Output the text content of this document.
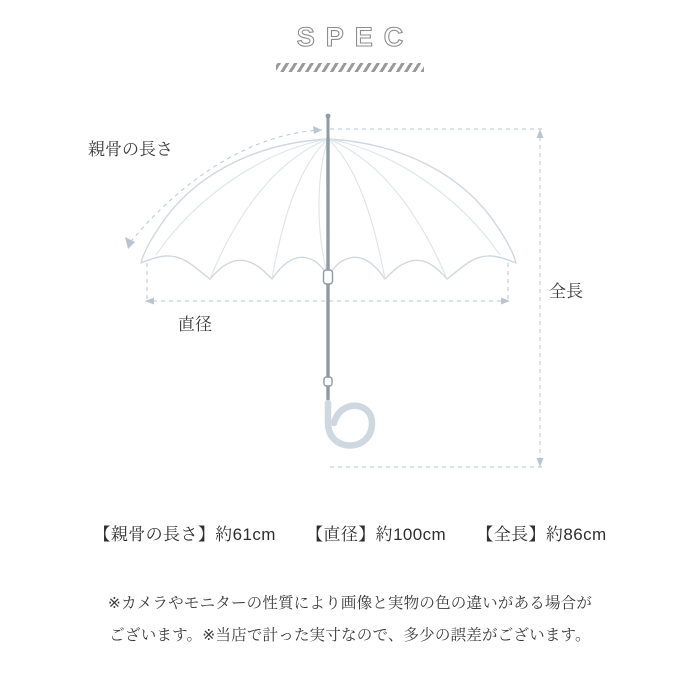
SPEC
親骨の長さ
直径
全長
【親骨の長さ】約61cm 【直径】約100cm 【全長】約86cm
※カメラやモニターの性質により画像と実物の色の違いがある場合が
ございます。※当店で計った実寸なので、多少の誤差がございます。
